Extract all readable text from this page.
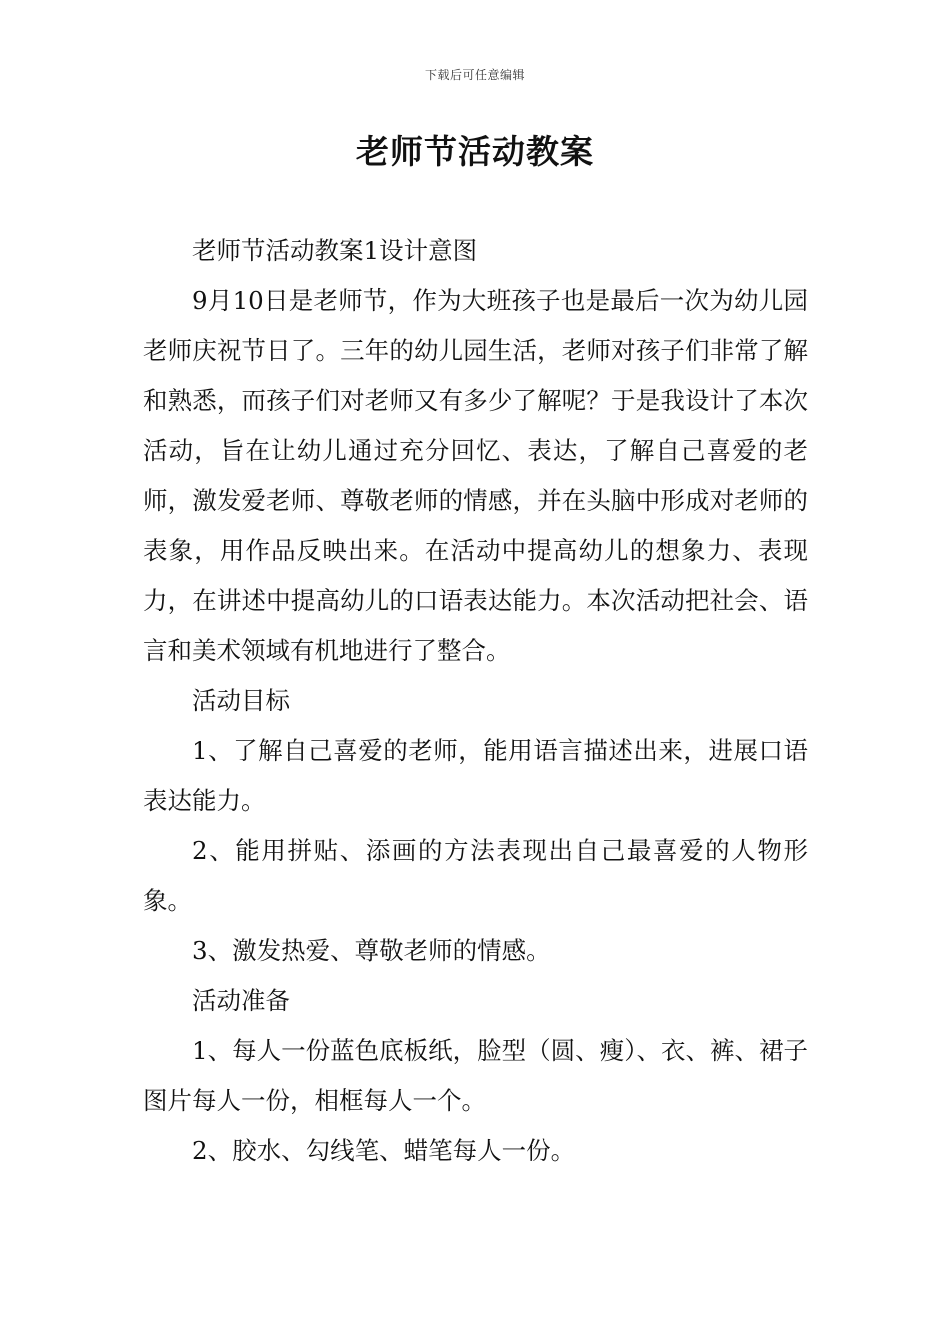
下载后可任意编辑
老师节活动教案

老师节活动教案1设计意图

9月10日是老师节，作为大班孩子也是最后一次为幼儿园老师庆祝节日了。三年的幼儿园生活，老师对孩子们非常了解和熟悉，而孩子们对老师又有多少了解呢？于是我设计了本次活动，旨在让幼儿通过充分回忆、表达，了解自己喜爱的老师，激发爱老师、尊敬老师的情感，并在头脑中形成对老师的表象，用作品反映出来。在活动中提高幼儿的想象力、表现力，在讲述中提高幼儿的口语表达能力。本次活动把社会、语言和美术领域有机地进行了整合。

活动目标

1、了解自己喜爱的老师，能用语言描述出来，进展口语表达能力。

2、能用拼贴、添画的方法表现出自己最喜爱的人物形象。

3、激发热爱、尊敬老师的情感。

活动准备

1、每人一份蓝色底板纸，脸型（圆、瘦）、衣、裤、裙子图片每人一份，相框每人一个。

2、胶水、勾线笔、蜡笔每人一份。
